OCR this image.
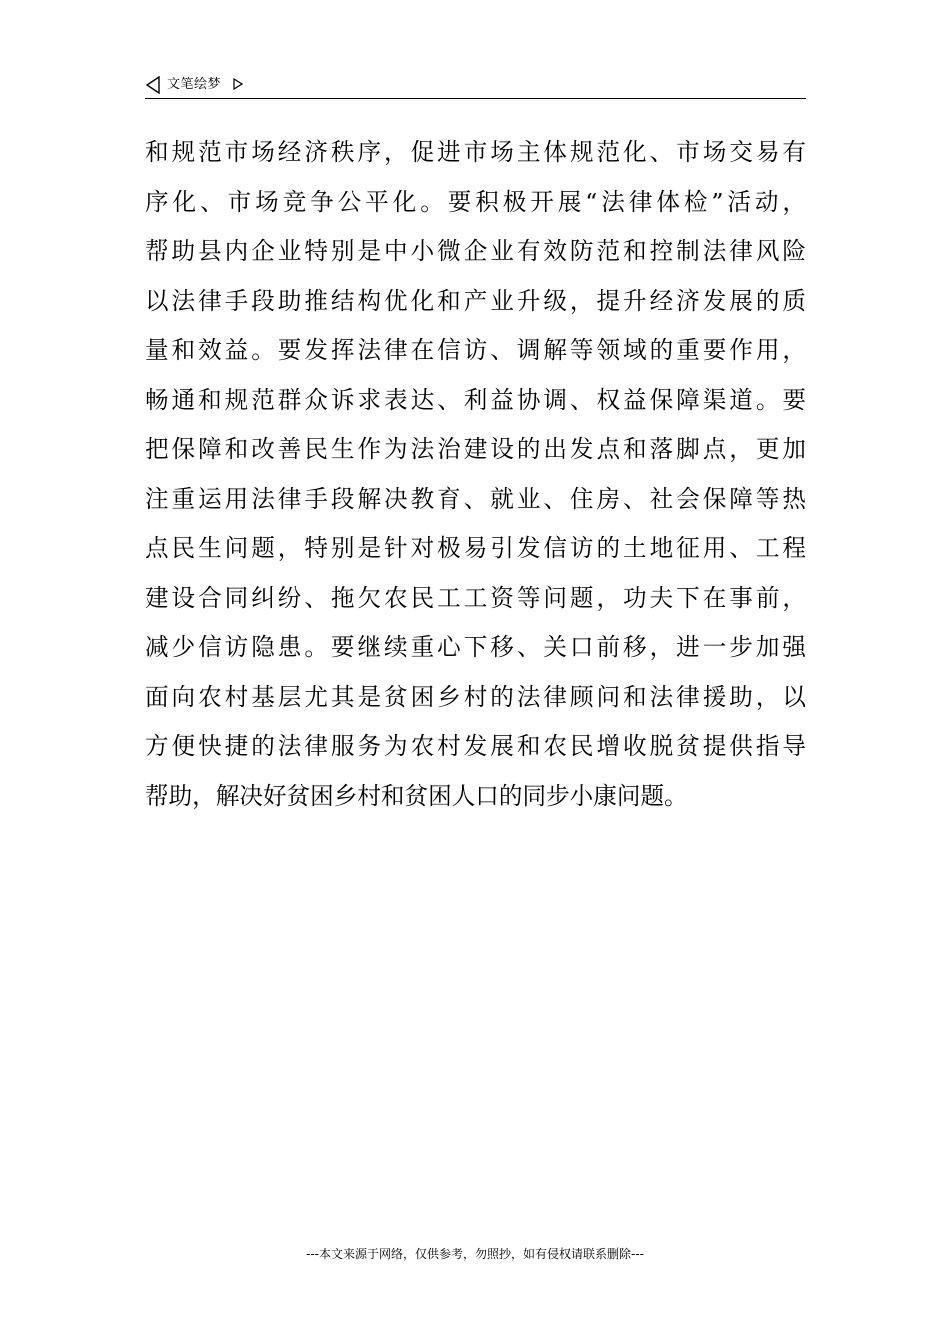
文笔绘梦
和规范市场经济秩序，促进市场主体规范化、市场交易有
序化、市场竞争公平化。要积极开展“法律体检”活动，
帮助县内企业特别是中小微企业有效防范和控制法律风险
以法律手段助推结构优化和产业升级，提升经济发展的质
量和效益。要发挥法律在信访、调解等领域的重要作用，
畅通和规范群众诉求表达、利益协调、权益保障渠道。要
把保障和改善民生作为法治建设的出发点和落脚点，更加
注重运用法律手段解决教育、就业、住房、社会保障等热
点民生问题，特别是针对极易引发信访的土地征用、工程
建设合同纠纷、拖欠农民工工资等问题，功夫下在事前，
减少信访隐患。要继续重心下移、关口前移，进一步加强
面向农村基层尤其是贫困乡村的法律顾问和法律援助，以
方便快捷的法律服务为农村发展和农民增收脱贫提供指导
帮助，解决好贫困乡村和贫困人口的同步小康问题。
---本文来源于网络，仅供参考，勿照抄，如有侵权请联系删除---
